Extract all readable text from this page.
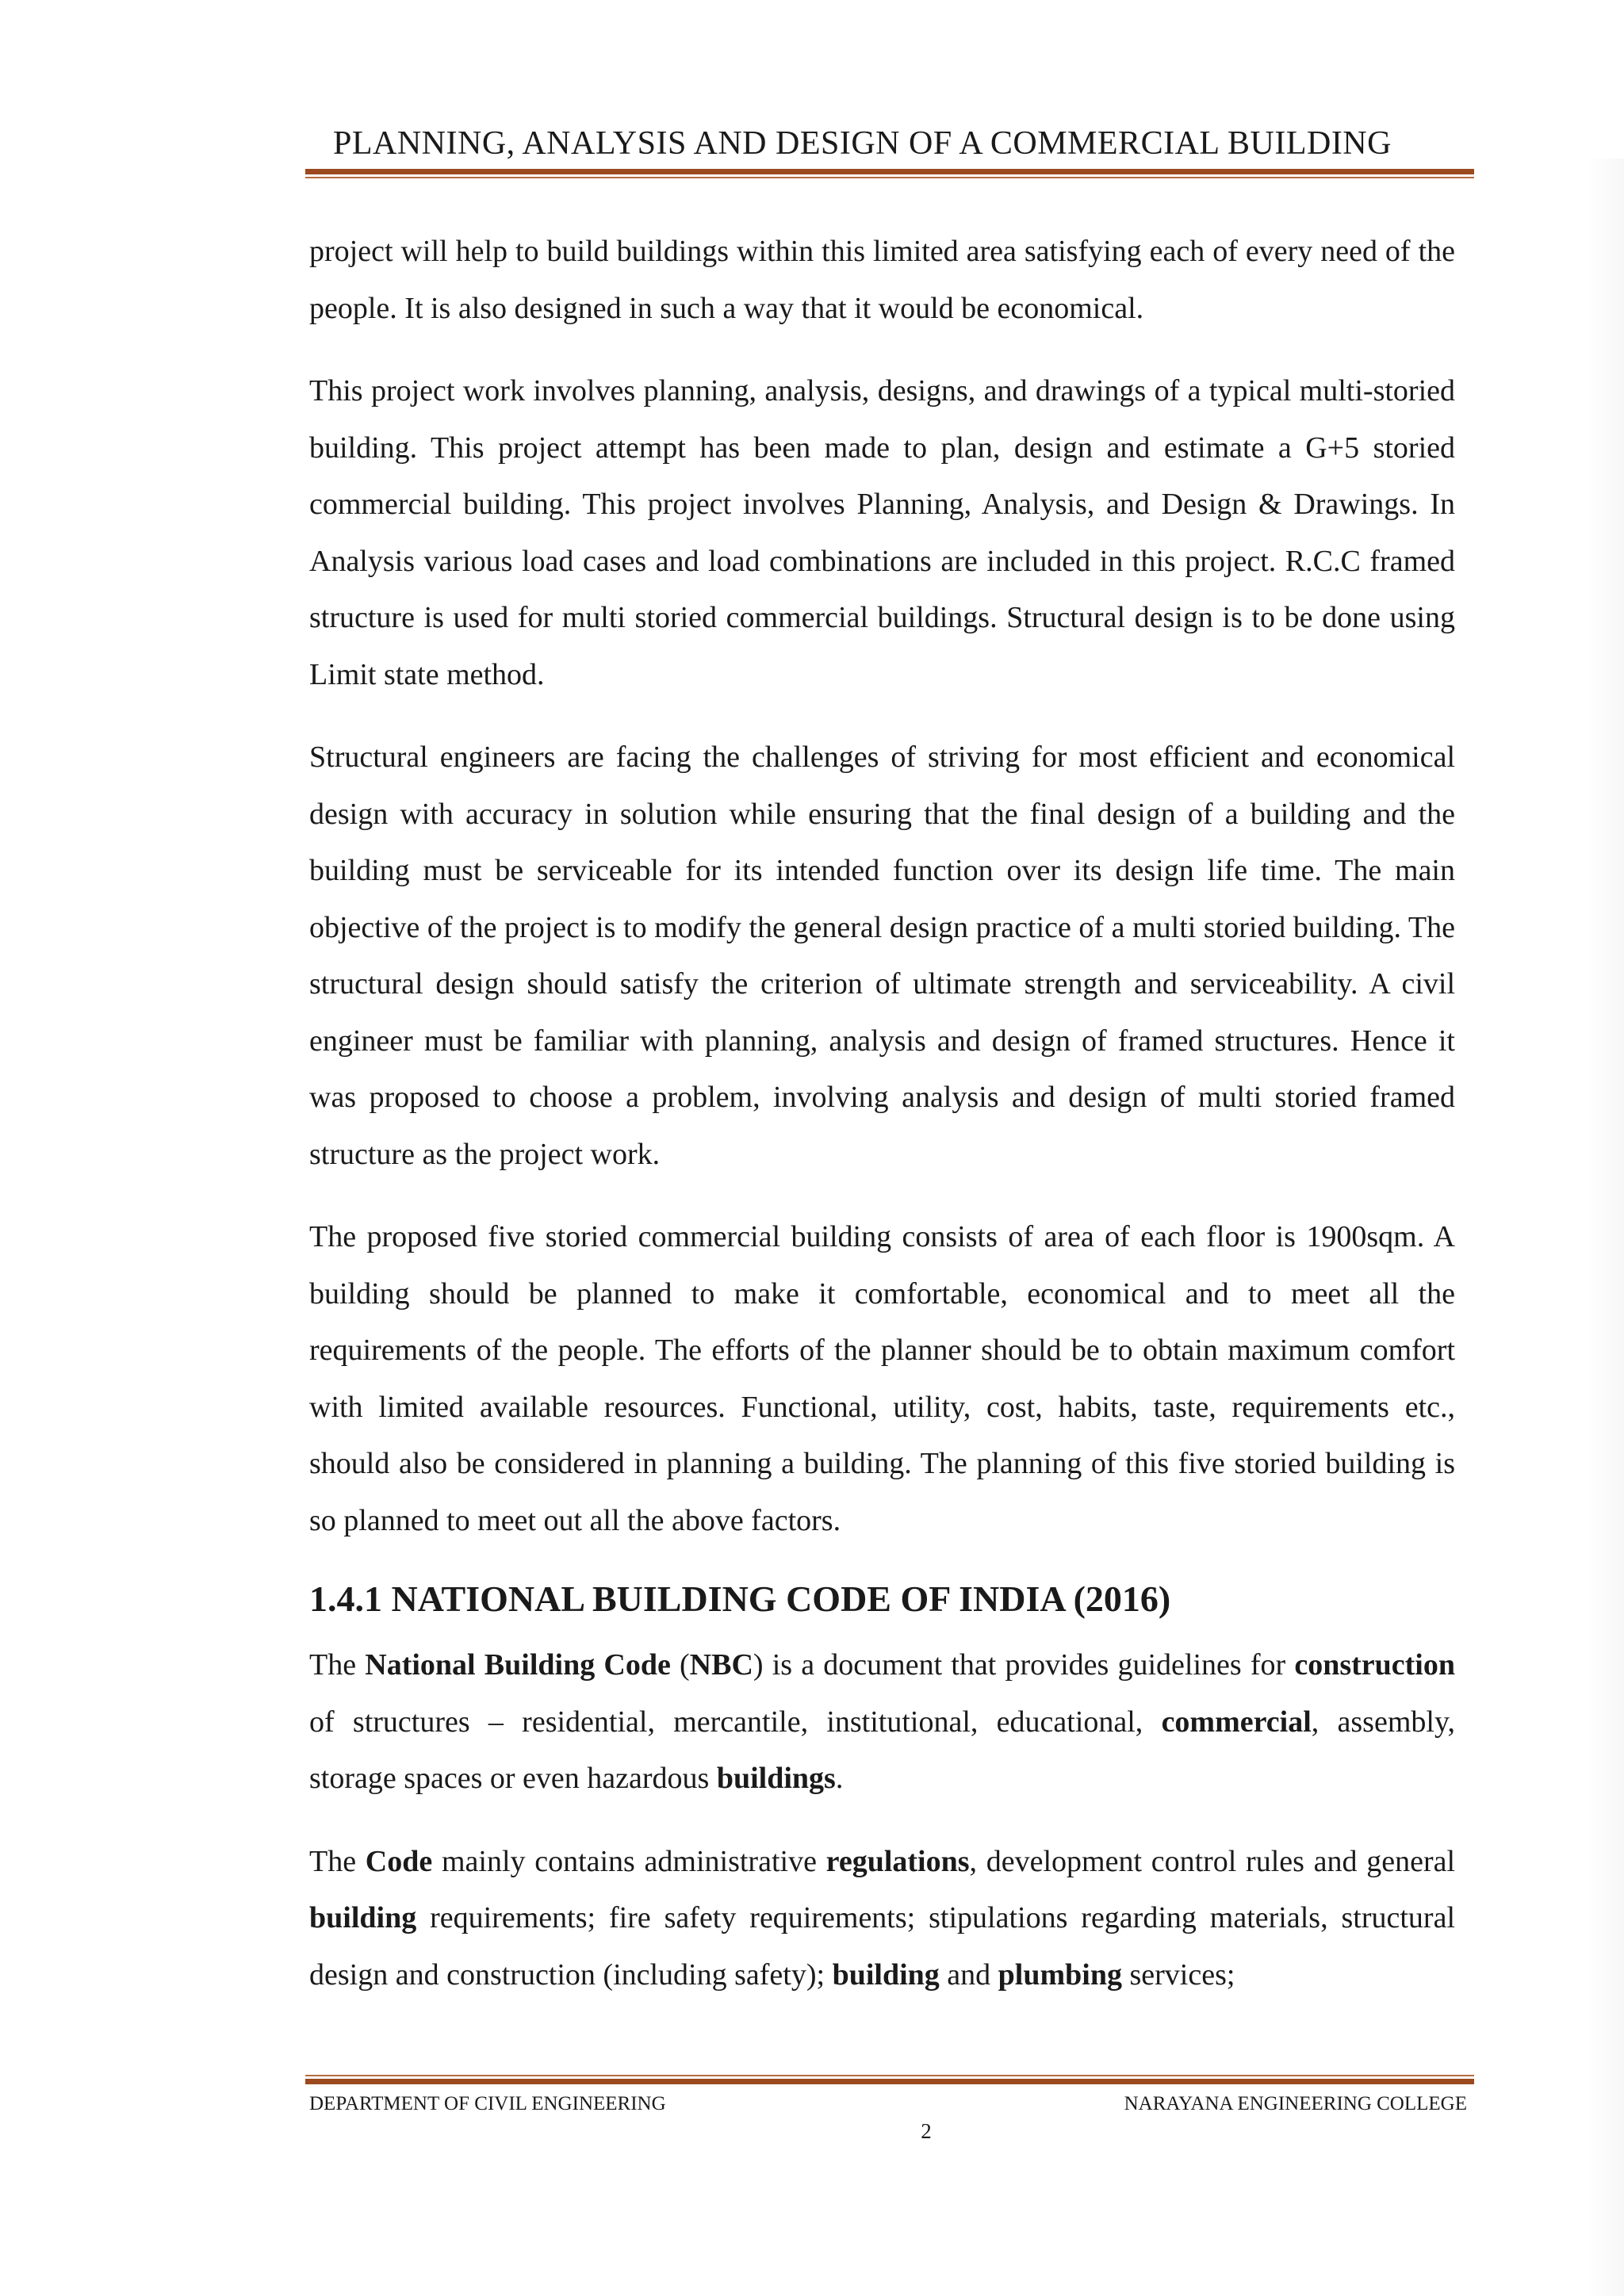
PLANNING, ANALYSIS AND DESIGN OF A COMMERCIAL BUILDING

project will help to build buildings within this limited area satisfying each of every need of the people. It is also designed in such a way that it would be economical.

This project work involves planning, analysis, designs, and drawings of a typical multi-storied building. This project attempt has been made to plan, design and estimate a G+5 storied commercial building. This project involves Planning, Analysis, and Design & Drawings. In Analysis various load cases and load combinations are included in this project. R.C.C framed structure is used for multi storied commercial buildings. Structural design is to be done using Limit state method.

Structural engineers are facing the challenges of striving for most efficient and economical design with accuracy in solution while ensuring that the final design of a building and the building must be serviceable for its intended function over its design life time. The main objective of the project is to modify the general design practice of a multi storied building. The structural design should satisfy the criterion of ultimate strength and serviceability. A civil engineer must be familiar with planning, analysis and design of framed structures. Hence it was proposed to choose a problem, involving analysis and design of multi storied framed structure as the project work.

The proposed five storied commercial building consists of area of each floor is 1900sqm. A building should be planned to make it comfortable, economical and to meet all the requirements of the people. The efforts of the planner should be to obtain maximum comfort with limited available resources. Functional, utility, cost, habits, taste, requirements etc., should also be considered in planning a building. The planning of this five storied building is so planned to meet out all the above factors.

1.4.1 NATIONAL BUILDING CODE OF INDIA (2016)

The National Building Code (NBC) is a document that provides guidelines for construction of structures – residential, mercantile, institutional, educational, commercial, assembly, storage spaces or even hazardous buildings.

The Code mainly contains administrative regulations, development control rules and general building requirements; fire safety requirements; stipulations regarding materials, structural design and construction (including safety); building and plumbing services;

DEPARTMENT OF CIVIL ENGINEERING	NARAYANA ENGINEERING COLLEGE
2
